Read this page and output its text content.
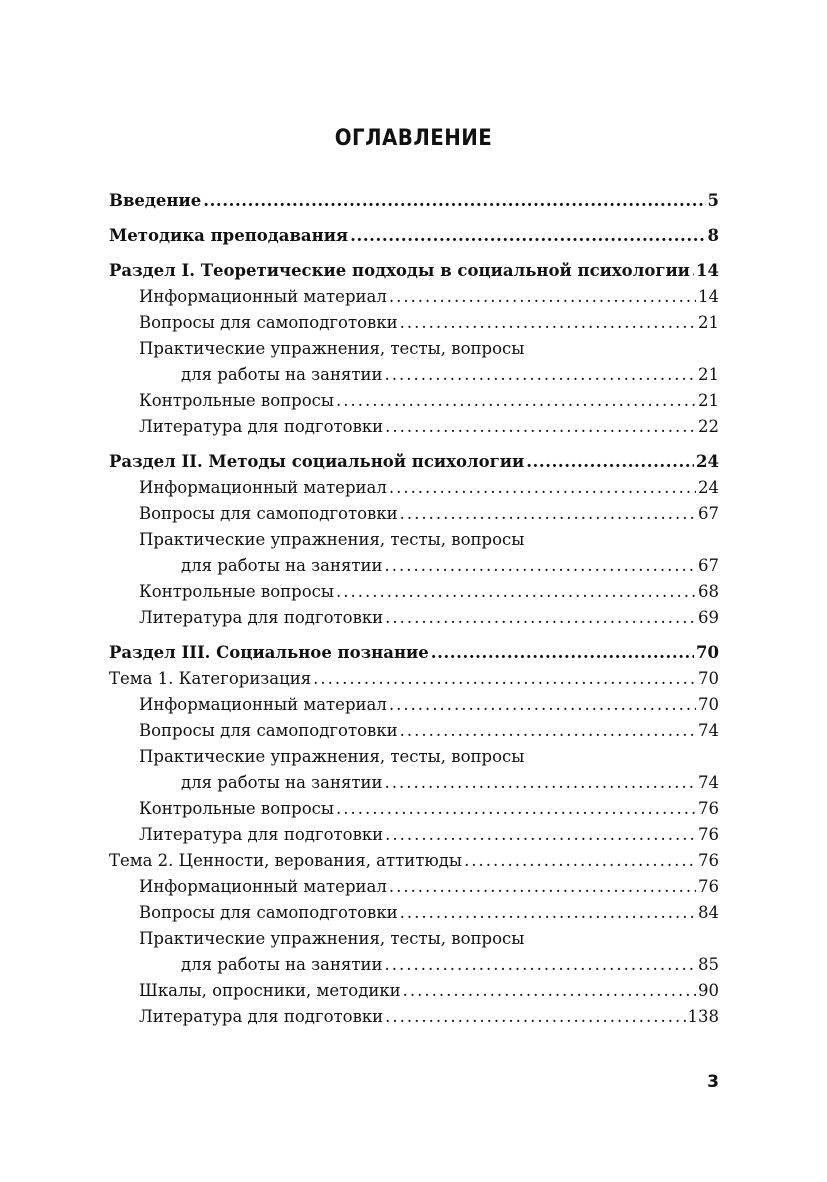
ОГЛАВЛЕНИЕ
Введение .....	5
Методика преподавания .....	8
Раздел I. Теоретические подходы в социальной психологии ..... 14
Информационный материал .....	14
Вопросы для самоподготовки .....	21
Практические упражнения, тесты, вопросы
для работы на занятии .....	21
Контрольные вопросы .....	21
Литература для подготовки .....	22
Раздел II. Методы социальной психологии .....	24
Информационный материал .....	24
Вопросы для самоподготовки .....	67
Практические упражнения, тесты, вопросы
для работы на занятии .....	67
Контрольные вопросы .....	68
Литература для подготовки .....	69
Раздел III. Социальное познание .....	70
Тема 1. Категоризация .....	70
Информационный материал .....	70
Вопросы для самоподготовки .....	74
Практические упражнения, тесты, вопросы
для работы на занятии .....	74
Контрольные вопросы .....	76
Литература для подготовки .....	76
Тема 2. Ценности, верования, аттитюды .....	76
Информационный материал .....	76
Вопросы для самоподготовки .....	84
Практические упражнения, тесты, вопросы
для работы на занятии .....	85
Шкалы, опросники, методики .....	90
Литература для подготовки .....	138
3
